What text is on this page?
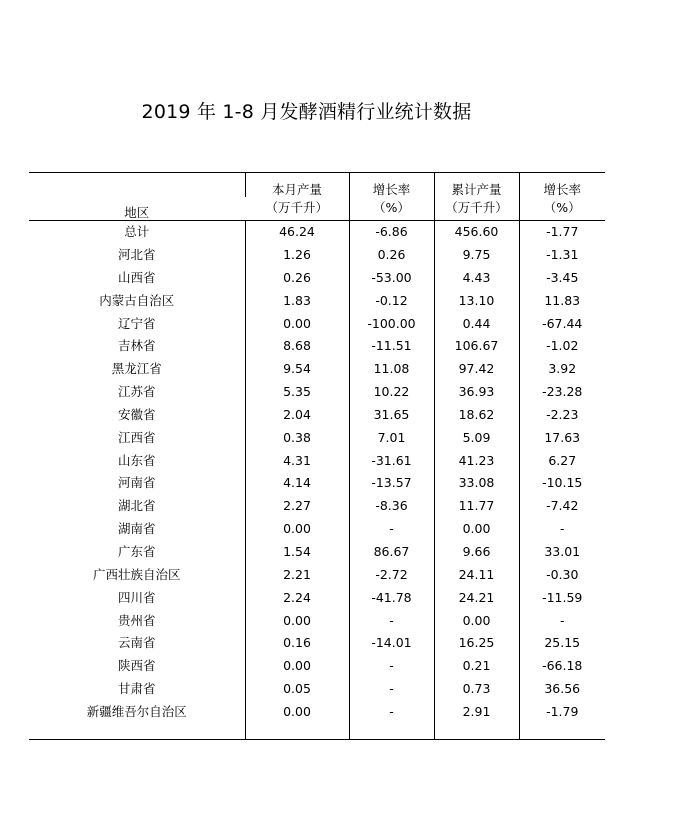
2019 年 1-8 月发酵酒精行业统计数据
地区	本月产量	增长率	累计产量	增长率
	（万千升）	（%）	（万千升）	（%）
总计	46.24	-6.86	456.60	-1.77
河北省	1.26	0.26	9.75	-1.31
山西省	0.26	-53.00	4.43	-3.45
内蒙古自治区	1.83	-0.12	13.10	11.83
辽宁省	0.00	-100.00	0.44	-67.44
吉林省	8.68	-11.51	106.67	-1.02
黑龙江省	9.54	11.08	97.42	3.92
江苏省	5.35	10.22	36.93	-23.28
安徽省	2.04	31.65	18.62	-2.23
江西省	0.38	7.01	5.09	17.63
山东省	4.31	-31.61	41.23	6.27
河南省	4.14	-13.57	33.08	-10.15
湖北省	2.27	-8.36	11.77	-7.42
湖南省	0.00	-	0.00	-
广东省	1.54	86.67	9.66	33.01
广西壮族自治区	2.21	-2.72	24.11	-0.30
四川省	2.24	-41.78	24.21	-11.59
贵州省	0.00	-	0.00	-
云南省	0.16	-14.01	16.25	25.15
陕西省	0.00	-	0.21	-66.18
甘肃省	0.05	-	0.73	36.56
新疆维吾尔自治区	0.00	-	2.91	-1.79
